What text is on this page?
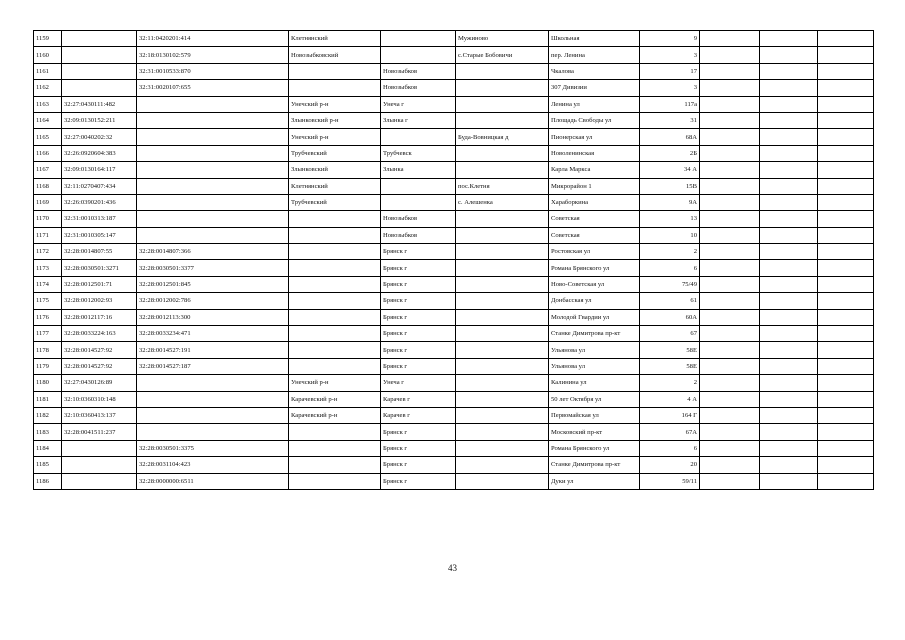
1159		32:11:0420201:414	Клетнянский		Мужиново	Школьная	9			
1160		32:18:0130102:579	Новозыбковский		с.Старые Бобовичи	пер. Ленина	3			
1161		32:31:0010533:870		Новозыбков		Чкалова	17			
1162		32:31:0020107:655		Новозыбков		307 Дивизии	3			
1163	32:27:0430111:482		Унечский р-н	Унеча г		Ленина ул	117а			
1164	32:09:0130152:211		Злынковский р-н	Злынка г		Площадь Свободы ул	31			
1165	32:27:0040202:32		Унечский р-н		Буда-Вовницкая д	Пионерская ул	68А			
1166	32:26:0920604:383		Трубчевский	Трубчевск		Новоленинская	2Б			
1167	32:09:0130164:117		Злынковский	Злынка		Карла Маркса	34 А			
1168	32:11:0270407:434		Клетнянский		пос.Клетня	Микрорайон 1	15В			
1169	32:26:0390201:436		Трубчевский		с. Алешенка	Хараборкина	9А			
1170	32:31:0010313:187			Новозыбков		Советская	13			
1171	32:31:0010305:147			Новозыбков		Советская	10			
1172	32:28:0014807:55	32:28:0014807:366		Брянск г		Ростовская ул	2			
1173	32:28:0030501:3271	32:28:0030501:3377		Брянск г		Романа Брянского ул	6			
1174	32:28:0012501:71	32:28:0012501:845		Брянск г		Ново-Советская ул	75/49			
1175	32:28:0012002:93	32:28:0012002:786		Брянск г		Донбасская ул	61			
1176	32:28:0012117:16	32:28:0012113:300		Брянск г		Молодой Гвардии ул	60А			
1177	32:28:0033224:163	32:28:0033234:471		Брянск г		Станке Димитрова пр-кт	67			
1178	32:28:0014527:92	32:28:0014527:191		Брянск г		Ульянова ул	58Е			
1179	32:28:0014527:92	32:28:0014527:187		Брянск г		Ульянова ул	58Е			
1180	32:27:0430126:89		Унечский р-н	Унеча г		Калинина ул	2			
1181	32:10:0360310:148		Карачевский р-н	Карачев г		50 лет Октября ул	4 А			
1182	32:10:0360413:137		Карачевский р-н	Карачев г		Первомайская ул	164 Г			
1183	32:28:0041511:237			Брянск г		Московский пр-кт	67А			
1184		32:28:0030501:3375		Брянск г		Романа Брянского ул	6			
1185		32:28:0031104:423		Брянск г		Станке Димитрова пр-кт	20			
1186		32:28:0000000:6511		Брянск г		Дуки ул	59/11			
43
